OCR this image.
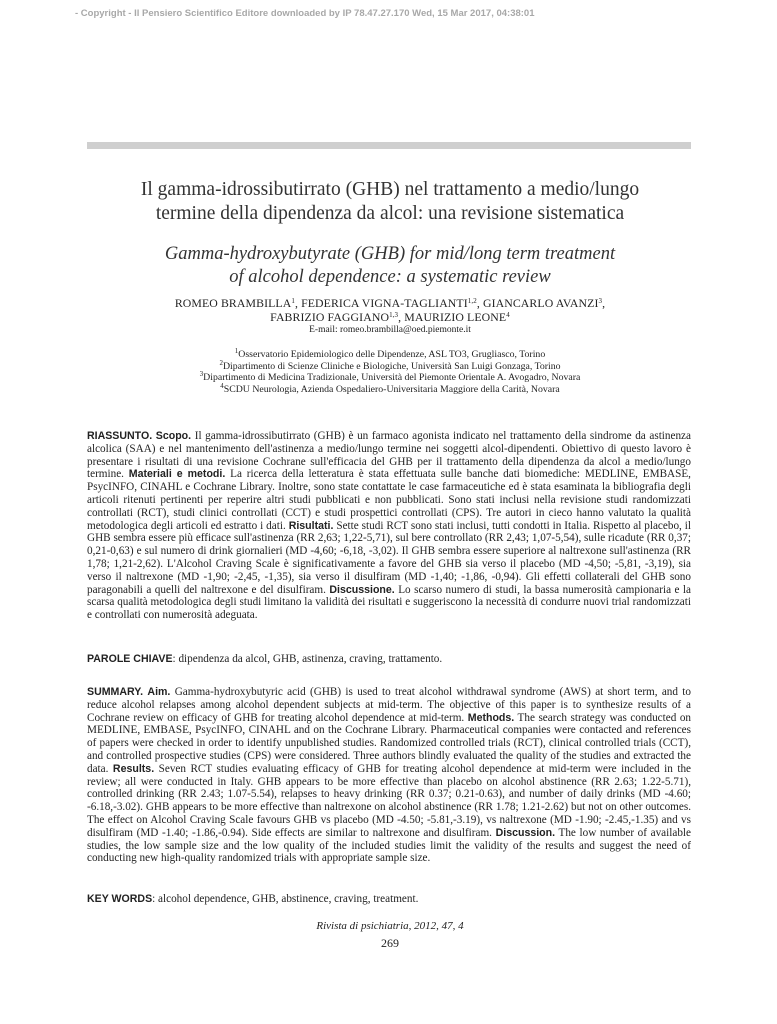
- Copyright - Il Pensiero Scientifico Editore downloaded by IP 78.47.27.170 Wed, 15 Mar 2017, 04:38:01
Il gamma-idrossibutirrato (GHB) nel trattamento a medio/lungo
termine della dipendenza da alcol: una revisione sistematica
Gamma-hydroxybutyrate (GHB) for mid/long term treatment
of alcohol dependence: a systematic review
ROMEO BRAMBILLA$^1$, FEDERICA VIGNA-TAGLIANTI$^{1,2}$, GIANCARLO AVANZI$^3$,
FABRIZIO FAGGIANO$^{1,3}$, MAURIZIO LEONE$^4$
E-mail: romeo.brambilla@oed.piemonte.it
$^1$Osservatorio Epidemiologico delle Dipendenze, ASL TO3, Grugliasco, Torino
$^2$Dipartimento di Scienze Cliniche e Biologiche, Università San Luigi Gonzaga, Torino
$^3$Dipartimento di Medicina Tradizionale, Università del Piemonte Orientale A. Avogadro, Novara
$^4$SCDU Neurologia, Azienda Ospedaliero-Universitaria Maggiore della Carità, Novara

RIASSUNTO. Scopo. Il gamma-idrossibutirrato (GHB) è un farmaco agonista indicato nel trattamento della sindrome da astinenza alcolica (SAA) e nel mantenimento dell'astinenza a medio/lungo termine nei soggetti alcol-dipendenti. Obiettivo di questo lavoro è presentare i risultati di una revisione Cochrane sull'efficacia del GHB per il trattamento della dipendenza da alcol a medio/lungo termine. Materiali e metodi. La ricerca della letteratura è stata effettuata sulle banche dati biomediche: MEDLINE, EMBASE, PsycINFO, CINAHL e Cochrane Library. Inoltre, sono state contattate le case farmaceutiche ed è stata esaminata la bibliografia degli articoli ritenuti pertinenti per reperire altri studi pubblicati e non pubblicati. Sono stati inclusi nella revisione studi randomizzati controllati (RCT), studi clinici controllati (CCT) e studi prospettici controllati (CPS). Tre autori in cieco hanno valutato la qualità metodologica degli articoli ed estratto i dati. Risultati. Sette studi RCT sono stati inclusi, tutti condotti in Italia. Rispetto al placebo, il GHB sembra essere più efficace sull'astinenza (RR 2,63; 1,22-5,71), sul bere controllato (RR 2,43; 1,07-5,54), sulle ricadute (RR 0,37; 0,21-0,63) e sul numero di drink giornalieri (MD -4,60; -6,18, -3,02). Il GHB sembra essere superiore al naltrexone sull'astinenza (RR 1,78; 1,21-2,62). L'Alcohol Craving Scale è significativamente a favore del GHB sia verso il placebo (MD -4,50; -5,81, -3,19), sia verso il naltrexone (MD -1,90; -2,45, -1,35), sia verso il disulfiram (MD -1,40; -1,86, -0,94). Gli effetti collaterali del GHB sono paragonabili a quelli del naltrexone e del disulfiram. Discussione. Lo scarso numero di studi, la bassa numerosità campionaria e la scarsa qualità metodologica degli studi limitano la validità dei risultati e suggeriscono la necessità di condurre nuovi trial randomizzati e controllati con numerosità adeguata.

PAROLE CHIAVE: dipendenza da alcol, GHB, astinenza, craving, trattamento.

SUMMARY. Aim. Gamma-hydroxybutyric acid (GHB) is used to treat alcohol withdrawal syndrome (AWS) at short term, and to reduce alcohol relapses among alcohol dependent subjects at mid-term. The objective of this paper is to synthesize results of a Cochrane review on efficacy of GHB for treating alcohol dependence at mid-term. Methods. The search strategy was conducted on MEDLINE, EMBASE, PsycINFO, CINAHL and on the Cochrane Library. Pharmaceutical companies were contacted and references of papers were checked in order to identify unpublished studies. Randomized controlled trials (RCT), clinical controlled trials (CCT), and controlled prospective studies (CPS) were considered. Three authors blindly evaluated the quality of the studies and extracted the data. Results. Seven RCT studies evaluating efficacy of GHB for treating alcohol dependence at mid-term were included in the review; all were conducted in Italy. GHB appears to be more effective than placebo on alcohol abstinence (RR 2.63; 1.22-5.71), controlled drinking (RR 2.43; 1.07-5.54), relapses to heavy drinking (RR 0.37; 0.21-0.63), and number of daily drinks (MD -4.60; -6.18,-3.02). GHB appears to be more effective than naltrexone on alcohol abstinence (RR 1.78; 1.21-2.62) but not on other outcomes. The effect on Alcohol Craving Scale favours GHB vs placebo (MD -4.50; -5.81,-3.19), vs naltrexone (MD -1.90; -2.45,-1.35) and vs disulfiram (MD -1.40; -1.86,-0.94). Side effects are similar to naltrexone and disulfiram. Discussion. The low number of available studies, the low sample size and the low quality of the included studies limit the validity of the results and suggest the need of conducting new high-quality randomized trials with appropriate sample size.

KEY WORDS: alcohol dependence, GHB, abstinence, craving, treatment.

Rivista di psichiatria, 2012, 47, 4
269
